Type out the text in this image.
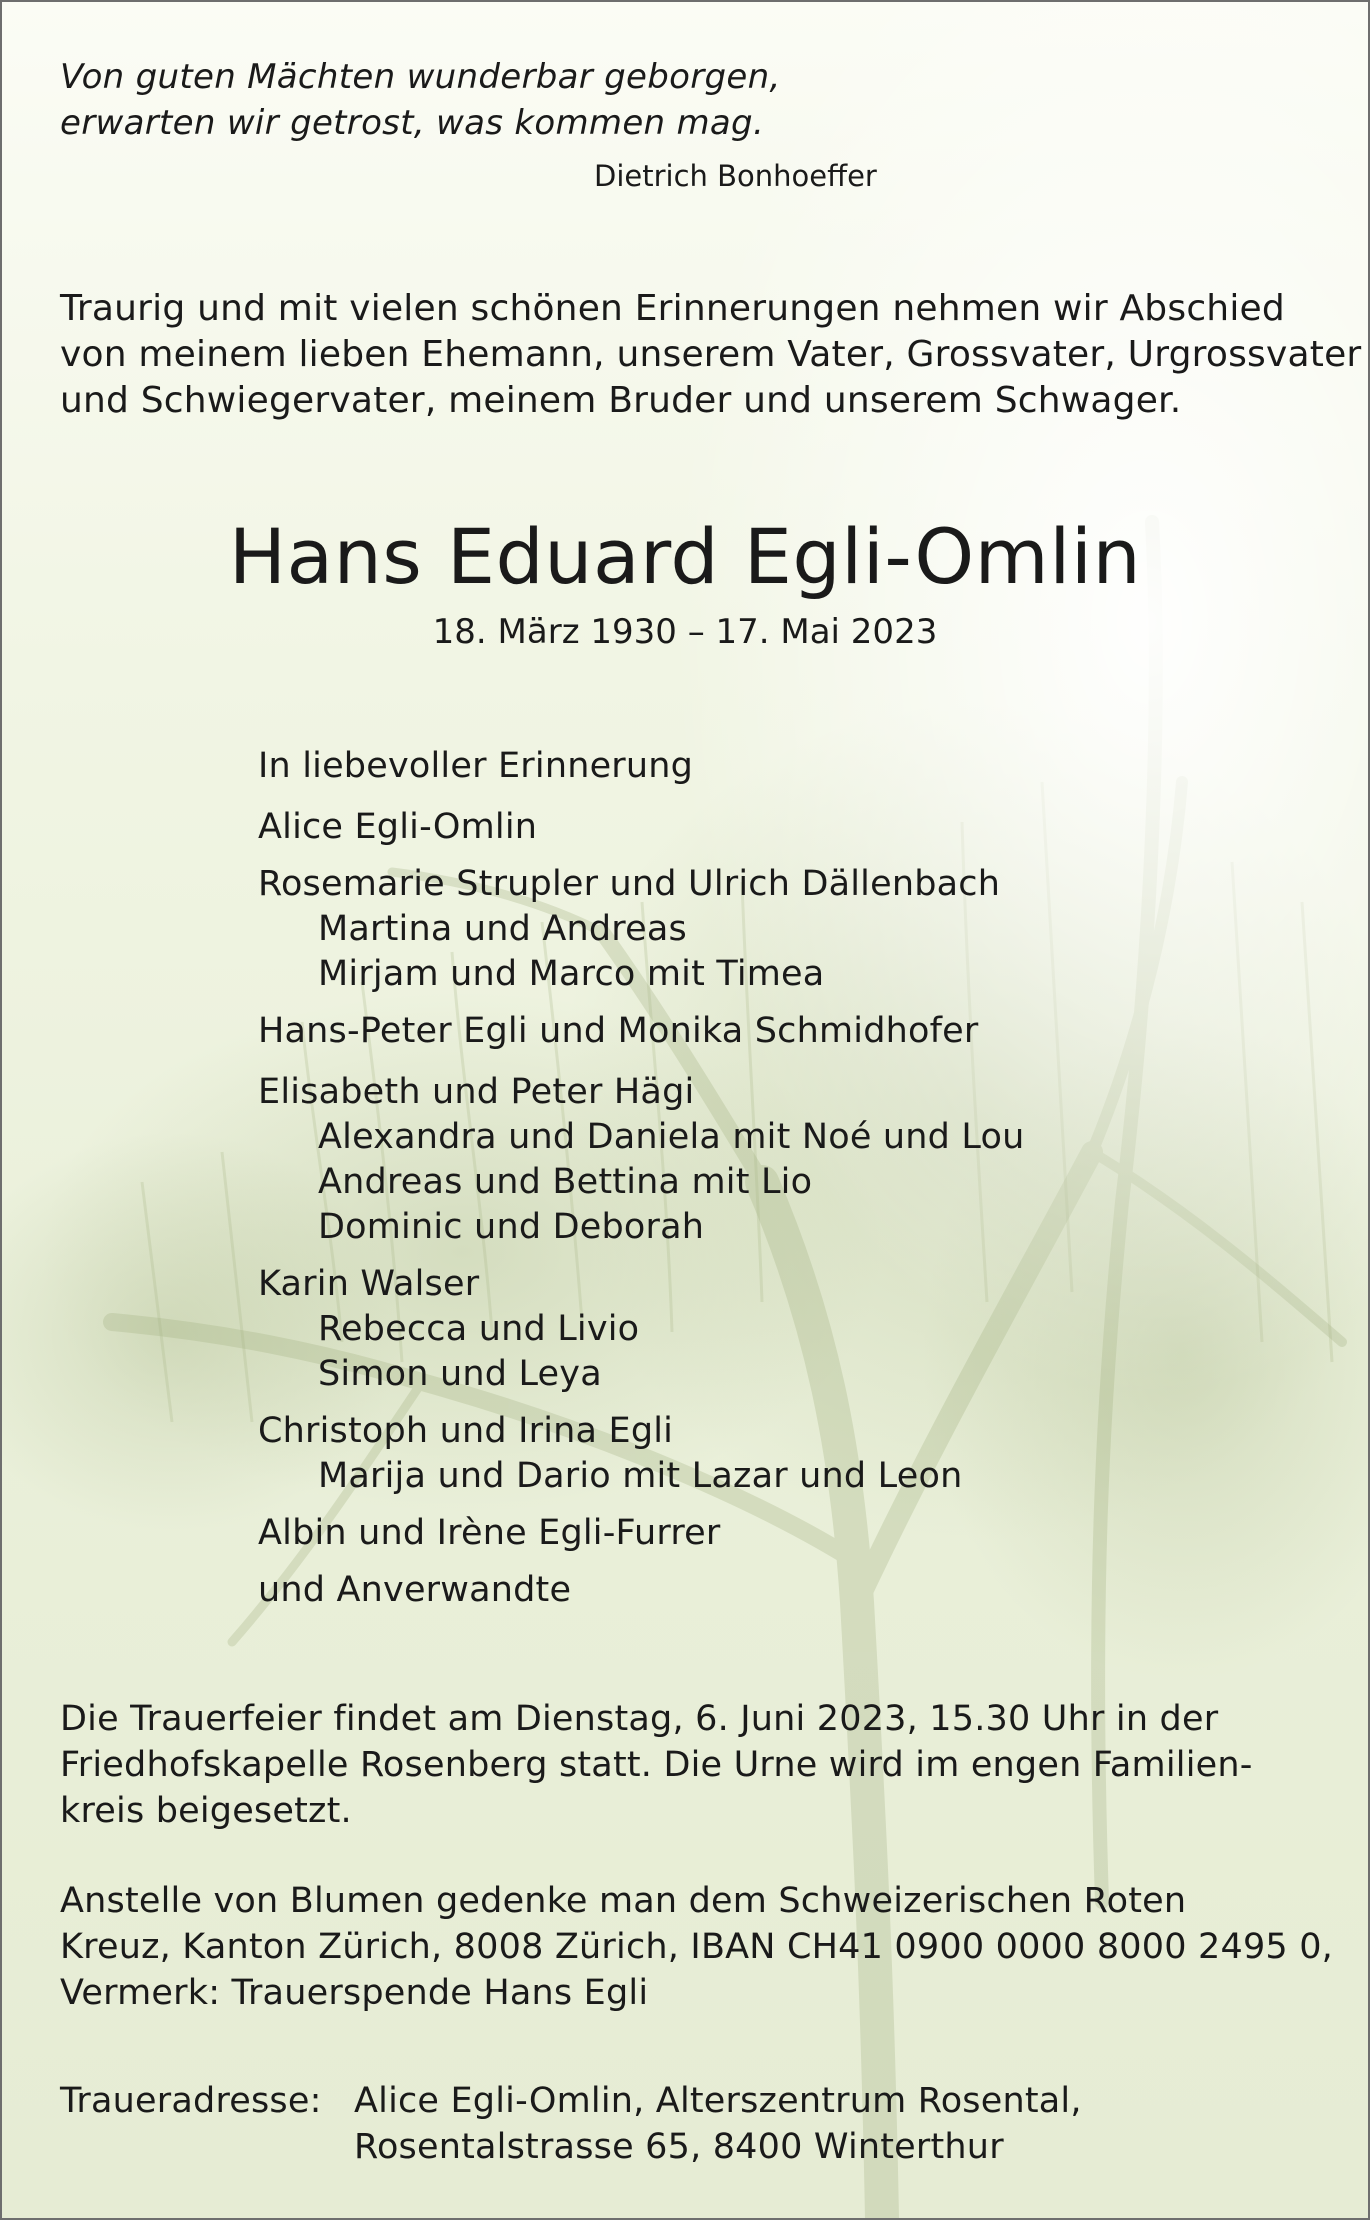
Von guten Mächten wunderbar geborgen,
erwarten wir getrost, was kommen mag.
Dietrich Bonhoeffer
Traurig und mit vielen schönen Erinnerungen nehmen wir Abschied
von meinem lieben Ehemann, unserem Vater, Grossvater, Urgrossvater
und Schwiegervater, meinem Bruder und unserem Schwager.
Hans Eduard Egli-Omlin
18. März 1930 – 17. Mai 2023
In liebevoller Erinnerung
Alice Egli-Omlin
Rosemarie Strupler und Ulrich Dällenbach
Martina und Andreas
Mirjam und Marco mit Timea
Hans-Peter Egli und Monika Schmidhofer
Elisabeth und Peter Hägi
Alexandra und Daniela mit Noé und Lou
Andreas und Bettina mit Lio
Dominic und Deborah
Karin Walser
Rebecca und Livio
Simon und Leya
Christoph und Irina Egli
Marija und Dario mit Lazar und Leon
Albin und Irène Egli-Furrer
und Anverwandte
Die Trauerfeier findet am Dienstag, 6. Juni 2023, 15.30 Uhr in der
Friedhofskapelle Rosenberg statt. Die Urne wird im engen Familien-
kreis beigesetzt.
Anstelle von Blumen gedenke man dem Schweizerischen Roten
Kreuz, Kanton Zürich, 8008 Zürich, IBAN CH41 0900 0000 8000 2495 0,
Vermerk: Trauerspende Hans Egli
Traueradresse: Alice Egli-Omlin, Alterszentrum Rosental,
Rosentalstrasse 65, 8400 Winterthur
